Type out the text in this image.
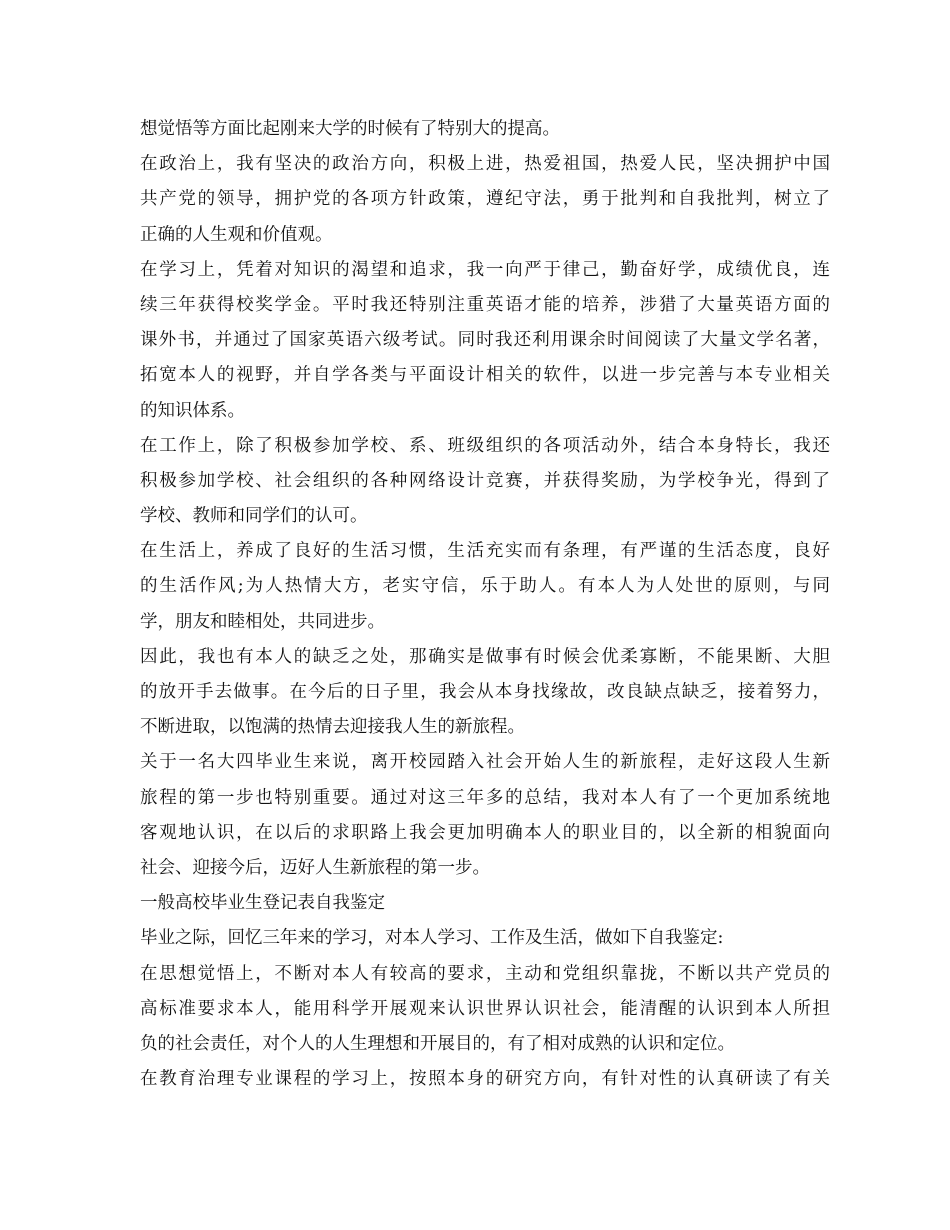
想觉悟等方面比起刚来大学的时候有了特别大的提高。
在政治上，我有坚决的政治方向，积极上进，热爱祖国，热爱人民，坚决拥护中国
共产党的领导，拥护党的各项方针政策，遵纪守法，勇于批判和自我批判，树立了
正确的人生观和价值观。
在学习上，凭着对知识的渴望和追求，我一向严于律己，勤奋好学，成绩优良，连
续三年获得校奖学金。平时我还特别注重英语才能的培养，涉猎了大量英语方面的
课外书，并通过了国家英语六级考试。同时我还利用课余时间阅读了大量文学名著，
拓宽本人的视野，并自学各类与平面设计相关的软件，以进一步完善与本专业相关
的知识体系。
在工作上，除了积极参加学校、系、班级组织的各项活动外，结合本身特长，我还
积极参加学校、社会组织的各种网络设计竞赛，并获得奖励，为学校争光，得到了
学校、教师和同学们的认可。
在生活上，养成了良好的生活习惯，生活充实而有条理，有严谨的生活态度，良好
的生活作风;为人热情大方，老实守信，乐于助人。有本人为人处世的原则，与同
学，朋友和睦相处，共同进步。
因此，我也有本人的缺乏之处，那确实是做事有时候会优柔寡断，不能果断、大胆
的放开手去做事。在今后的日子里，我会从本身找缘故，改良缺点缺乏，接着努力，
不断进取，以饱满的热情去迎接我人生的新旅程。
关于一名大四毕业生来说，离开校园踏入社会开始人生的新旅程，走好这段人生新
旅程的第一步也特别重要。通过对这三年多的总结，我对本人有了一个更加系统地
客观地认识，在以后的求职路上我会更加明确本人的职业目的，以全新的相貌面向
社会、迎接今后，迈好人生新旅程的第一步。
一般高校毕业生登记表自我鉴定
毕业之际，回忆三年来的学习，对本人学习、工作及生活，做如下自我鉴定:
在思想觉悟上，不断对本人有较高的要求，主动和党组织靠拢，不断以共产党员的
高标准要求本人，能用科学开展观来认识世界认识社会，能清醒的认识到本人所担
负的社会责任，对个人的人生理想和开展目的，有了相对成熟的认识和定位。
在教育治理专业课程的学习上，按照本身的研究方向，有针对性的认真研读了有关
